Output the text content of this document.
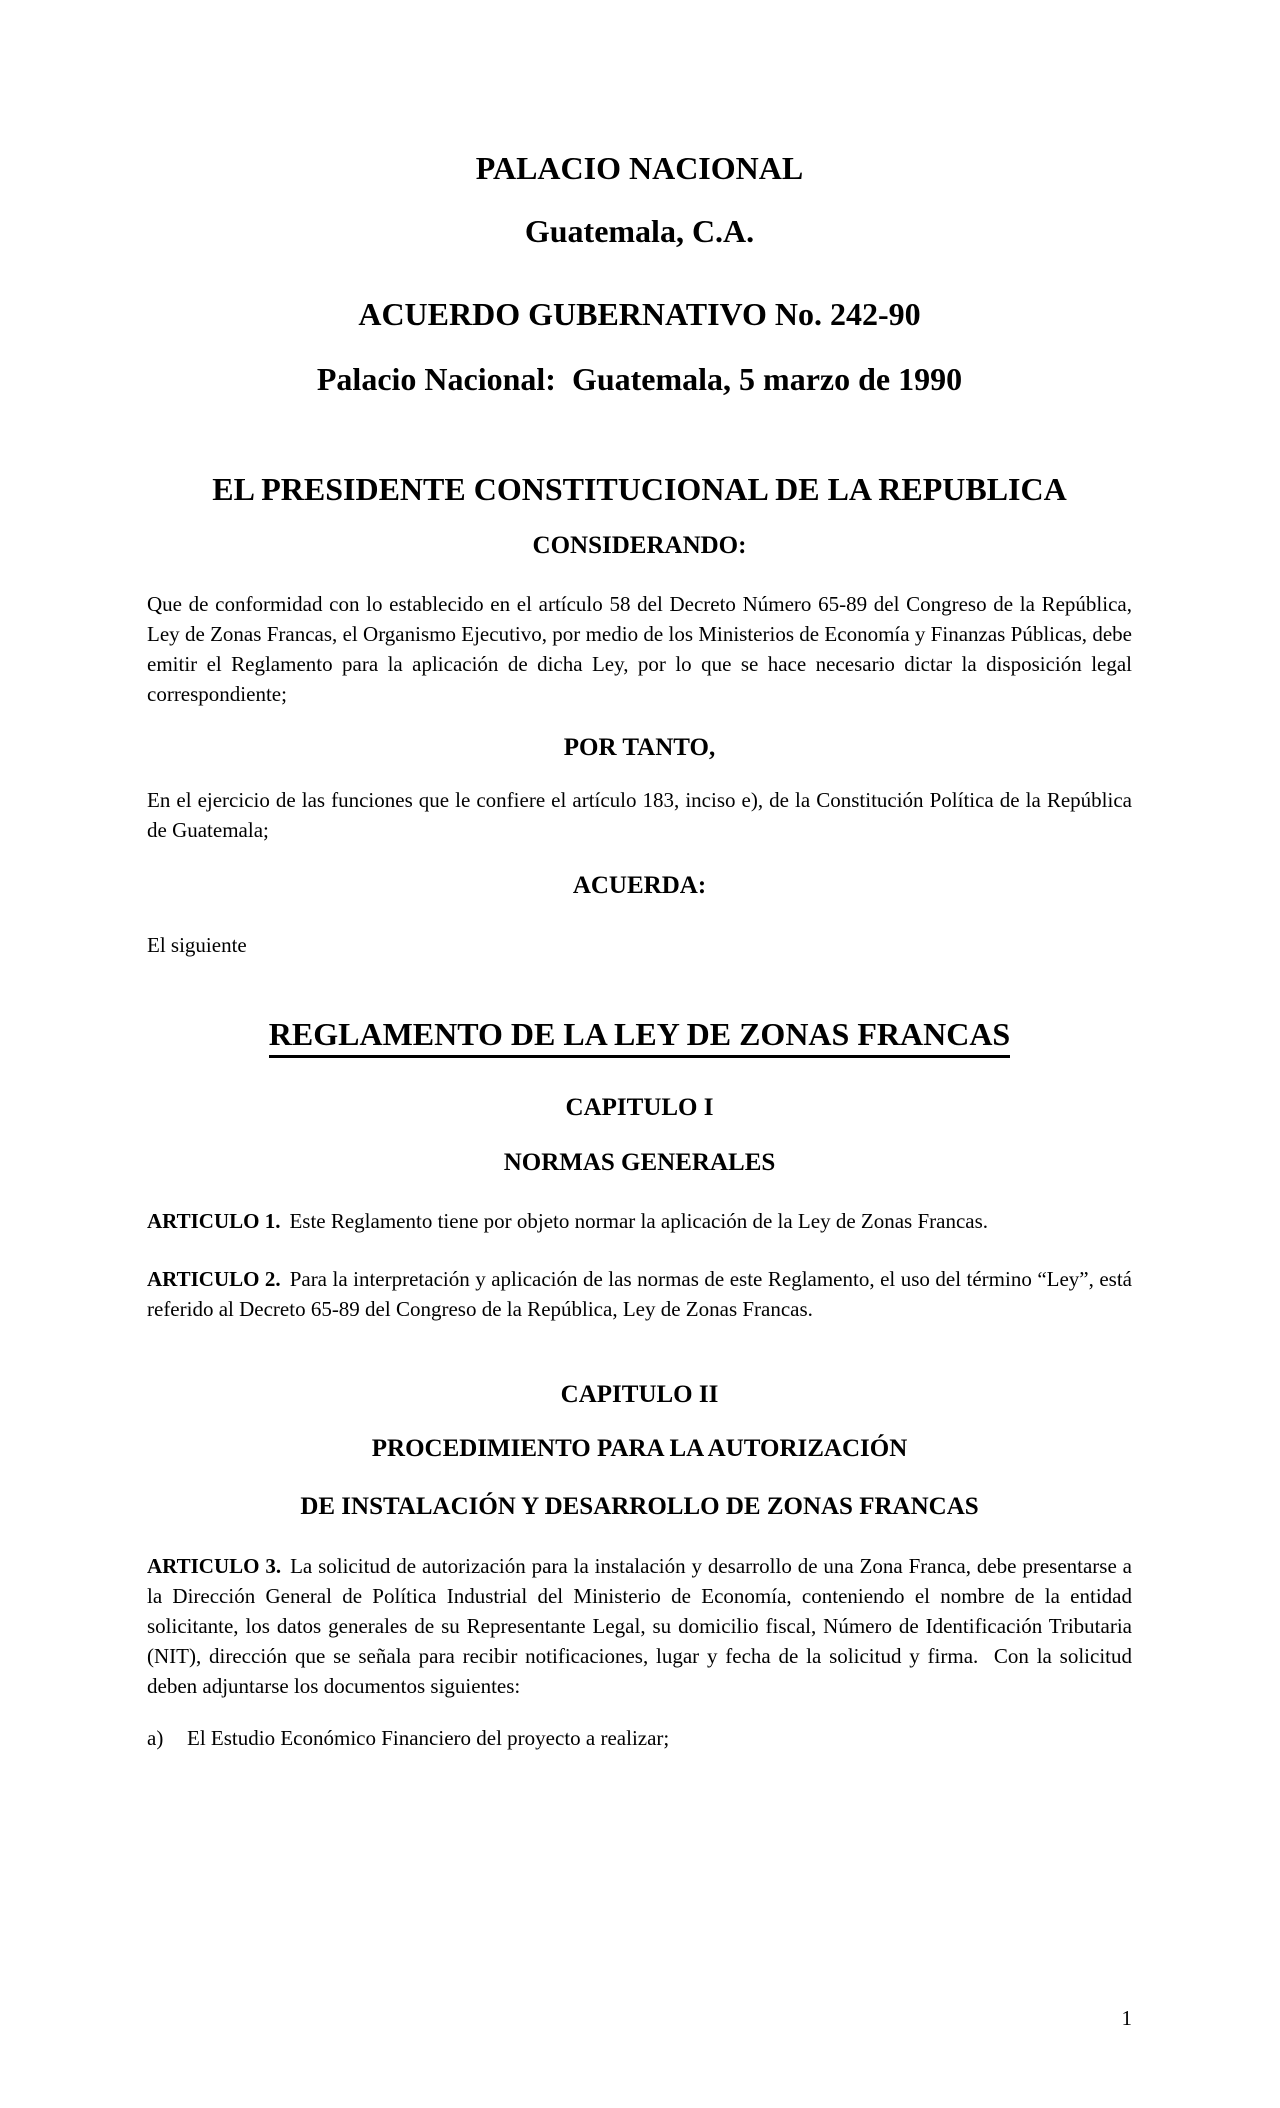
PALACIO NACIONAL

Guatemala, C.A.

ACUERDO GUBERNATIVO No. 242-90

Palacio Nacional:  Guatemala, 5 marzo de 1990

EL PRESIDENTE CONSTITUCIONAL DE LA REPUBLICA

CONSIDERANDO:

Que de conformidad con lo establecido en el artículo 58 del Decreto Número 65-89 del Congreso de la República, Ley de Zonas Francas, el Organismo Ejecutivo, por medio de los Ministerios de Economía y Finanzas Públicas, debe emitir el Reglamento para la aplicación de dicha Ley, por lo que se hace necesario dictar la disposición legal correspondiente;

POR TANTO,

En el ejercicio de las funciones que le confiere el artículo 183, inciso e), de la Constitución Política de la República de Guatemala;

ACUERDA:

El siguiente

REGLAMENTO DE LA LEY DE ZONAS FRANCAS

CAPITULO I

NORMAS GENERALES

ARTICULO 1. Este Reglamento tiene por objeto normar la aplicación de la Ley de Zonas Francas.

ARTICULO 2. Para la interpretación y aplicación de las normas de este Reglamento, el uso del término “Ley”, está referido al Decreto 65-89 del Congreso de la República, Ley de Zonas Francas.

CAPITULO II

PROCEDIMIENTO PARA LA AUTORIZACIÓN

DE INSTALACIÓN Y DESARROLLO DE ZONAS FRANCAS

ARTICULO 3. La solicitud de autorización para la instalación y desarrollo de una Zona Franca, debe presentarse a la Dirección General de Política Industrial del Ministerio de Economía, conteniendo el nombre de la entidad solicitante, los datos generales de su Representante Legal, su domicilio fiscal, Número de Identificación Tributaria (NIT), dirección que se señala para recibir notificaciones, lugar y fecha de la solicitud y firma.  Con la solicitud deben adjuntarse los documentos siguientes:

a)	El Estudio Económico Financiero del proyecto a realizar;
1
